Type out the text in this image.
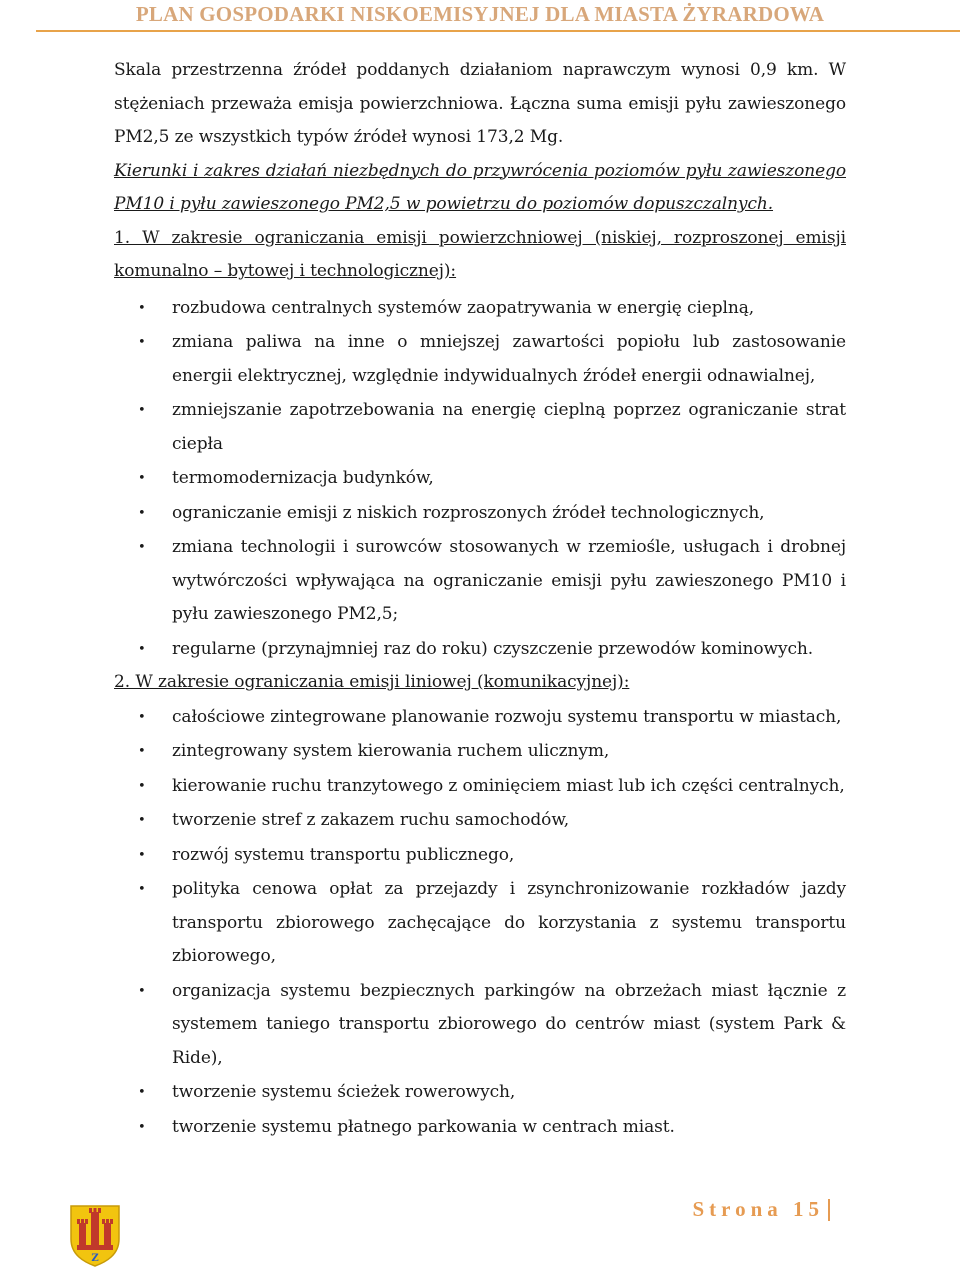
PLAN GOSPODARKI NISKOEMISYJNEJ DLA MIASTA ŻYRARDOWA

Skala przestrzenna źródeł poddanych działaniom naprawczym wynosi 0,9 km. W stężeniach przeważa emisja powierzchniowa. Łączna suma emisji pyłu zawieszonego PM2,5 ze wszystkich typów źródeł wynosi 173,2 Mg.

Kierunki i zakres działań niezbędnych do przywrócenia poziomów pyłu zawieszonego PM10 i pyłu zawieszonego PM2,5 w powietrzu do poziomów dopuszczalnych.

1. W zakresie ograniczania emisji powierzchniowej (niskiej, rozproszonej emisji komunalno – bytowej i technologicznej):

• rozbudowa centralnych systemów zaopatrywania w energię cieplną,
• zmiana paliwa na inne o mniejszej zawartości popiołu lub zastosowanie energii elektrycznej, względnie indywidualnych źródeł energii odnawialnej,
• zmniejszanie zapotrzebowania na energię cieplną poprzez ograniczanie strat ciepła
• termomodernizacja budynków,
• ograniczanie emisji z niskich rozproszonych źródeł technologicznych,
• zmiana technologii i surowców stosowanych w rzemiośle, usługach i drobnej wytwórczości wpływająca na ograniczanie emisji pyłu zawieszonego PM10 i pyłu zawieszonego PM2,5;
• regularne (przynajmniej raz do roku) czyszczenie przewodów kominowych.

2. W zakresie ograniczania emisji liniowej (komunikacyjnej):

• całościowe zintegrowane planowanie rozwoju systemu transportu w miastach,
• zintegrowany system kierowania ruchem ulicznym,
• kierowanie ruchu tranzytowego z ominięciem miast lub ich części centralnych,
• tworzenie stref z zakazem ruchu samochodów,
• rozwój systemu transportu publicznego,
• polityka cenowa opłat za przejazdy i zsynchronizowanie rozkładów jazdy transportu zbiorowego zachęcające do korzystania z systemu transportu zbiorowego,
• organizacja systemu bezpiecznych parkingów na obrzeżach miast łącznie z systemem taniego transportu zbiorowego do centrów miast (system Park & Ride),
• tworzenie systemu ścieżek rowerowych,
• tworzenie systemu płatnego parkowania w centrach miast.
Z
Strona 15
